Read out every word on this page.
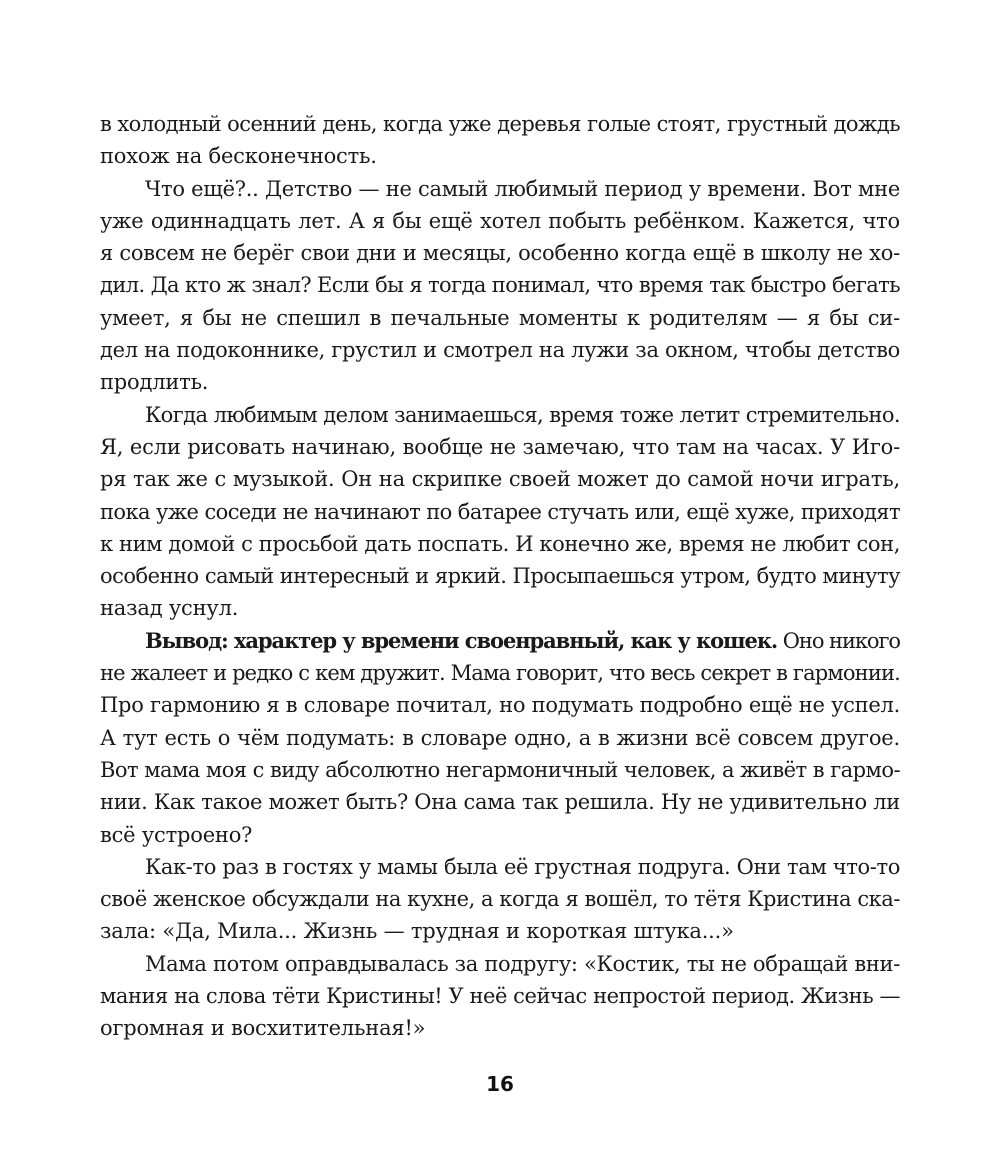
в холодный осенний день, когда уже деревья голые стоят, грустный дождь
похож на бесконечность.
Что ещё?.. Детство — не самый любимый период у времени. Вот мне
уже одиннадцать лет. А я бы ещё хотел побыть ребёнком. Кажется, что
я совсем не берёг свои дни и месяцы, особенно когда ещё в школу не хо-
дил. Да кто ж знал? Если бы я тогда понимал, что время так быстро бегать
умеет, я бы не спешил в печальные моменты к родителям — я бы си-
дел на подоконнике, грустил и смотрел на лужи за окном, чтобы детство
продлить.
Когда любимым делом занимаешься, время тоже летит стремительно.
Я, если рисовать начинаю, вообще не замечаю, что там на часах. У Иго-
ря так же с музыкой. Он на скрипке своей может до самой ночи играть,
пока уже соседи не начинают по батарее стучать или, ещё хуже, приходят
к ним домой с просьбой дать поспать. И конечно же, время не любит сон,
особенно самый интересный и яркий. Просыпаешься утром, будто минуту
назад уснул.
Вывод: характер у времени своенравный, как у кошек. Оно никого
не жалеет и редко с кем дружит. Мама говорит, что весь секрет в гармонии.
Про гармонию я в словаре почитал, но подумать подробно ещё не успел.
А тут есть о чём подумать: в словаре одно, а в жизни всё совсем другое.
Вот мама моя с виду абсолютно негармоничный человек, а живёт в гармо-
нии. Как такое может быть? Она сама так решила. Ну не удивительно ли
всё устроено?
Как-то раз в гостях у мамы была её грустная подруга. Они там что-то
своё женское обсуждали на кухне, а когда я вошёл, то тётя Кристина ска-
зала: «Да, Мила... Жизнь — трудная и короткая штука...»
Мама потом оправдывалась за подругу: «Костик, ты не обращай вни-
мания на слова тёти Кристины! У неё сейчас непростой период. Жизнь —
огромная и восхитительная!»
16
